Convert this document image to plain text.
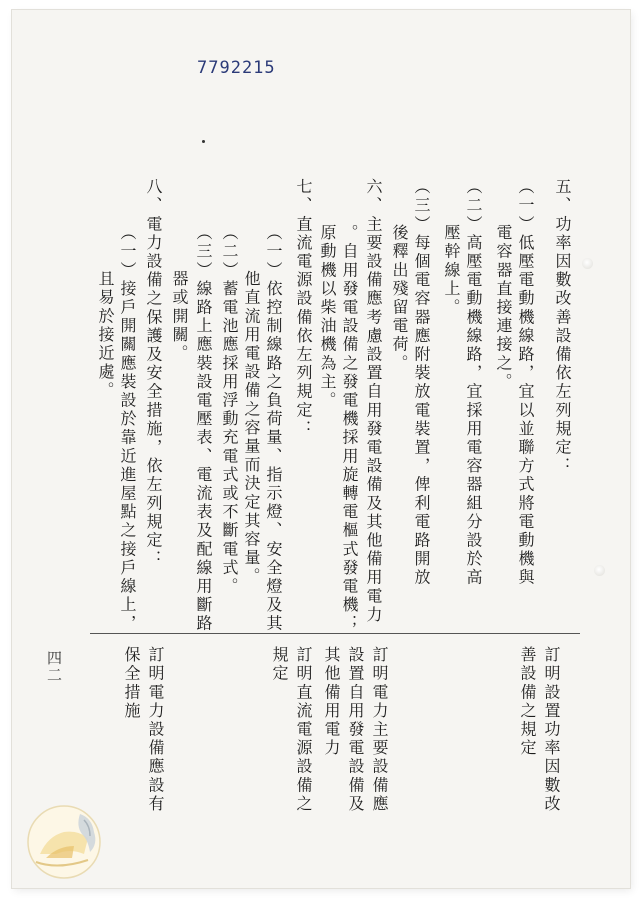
7792215
五、功率因數改善設備依左列規定：
（一）低壓電動機線路，宜以並聯方式將電動機與
電容器直接連接之。
（二）高壓電動機線路，宜採用電容器組分設於高
壓幹線上。
（三）每個電容器應附裝放電裝置，俾利電路開放
後釋出殘留電荷。
六、主要設備應考慮設置自用發電設備及其他備用電力
。自用發電設備之發電機採用旋轉電樞式發電機；
原動機以柴油機為主。
七、直流電源設備依左列規定：
（一）依控制線路之負荷量、指示燈、安全燈及其
他直流用電設備之容量而決定其容量。
（二）蓄電池應採用浮動充電式或不斷電式。
（三）線路上應裝設電壓表、電流表及配線用斷路
器或開關。
八、電力設備之保護及安全措施，依左列規定：
（一）接戶開關應裝設於靠近進屋點之接戶線上，
且易於接近處。
訂明設置功率因數改
善設備之規定
訂明電力主要設備應
設置自用發電設備及
其他備用電力
訂明直流電源設備之
規定
訂明電力設備應設有
保全措施
四二
